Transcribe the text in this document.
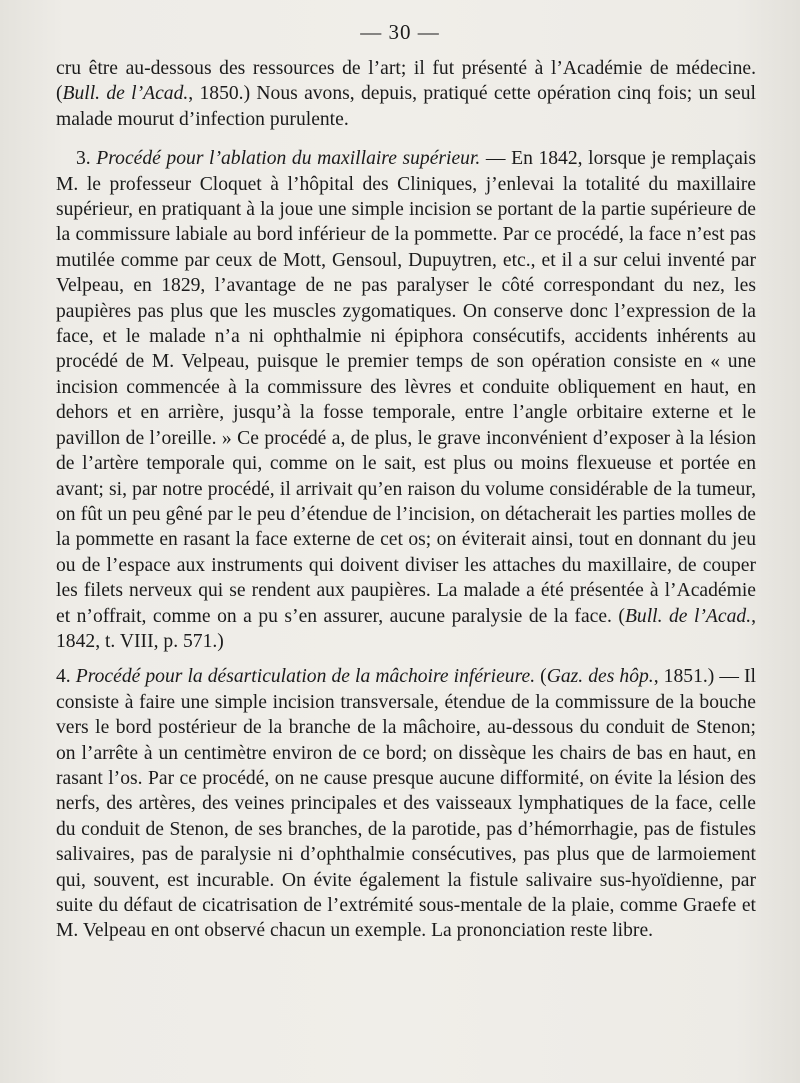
— 30 —

cru être au-dessous des ressources de l’art; il fut présenté à l’Académie de médecine. (Bull. de l’Acad., 1850.) Nous avons, depuis, pratiqué cette opération cinq fois; un seul malade mourut d’infection purulente.

3. Procédé pour l’ablation du maxillaire supérieur. — En 1842, lorsque je remplaçais M. le professeur Cloquet à l’hôpital des Cliniques, j’enlevai la totalité du maxillaire supérieur, en pratiquant à la joue une simple incision se portant de la partie supérieure de la commissure labiale au bord inférieur de la pommette. Par ce procédé, la face n’est pas mutilée comme par ceux de Mott, Gensoul, Dupuytren, etc., et il a sur celui inventé par Velpeau, en 1829, l’avantage de ne pas paralyser le côté correspondant du nez, les paupières pas plus que les muscles zygomatiques. On conserve donc l’expression de la face, et le malade n’a ni ophthalmie ni épiphora consécutifs, accidents inhérents au procédé de M. Velpeau, puisque le premier temps de son opération consiste en « une incision commencée à la commissure des lèvres et conduite obliquement en haut, en dehors et en arrière, jusqu’à la fosse temporale, entre l’angle orbitaire externe et le pavillon de l’oreille. » Ce procédé a, de plus, le grave inconvénient d’exposer à la lésion de l’artère temporale qui, comme on le sait, est plus ou moins flexueuse et portée en avant; si, par notre procédé, il arrivait qu’en raison du volume considérable de la tumeur, on fût un peu gêné par le peu d’étendue de l’incision, on détacherait les parties molles de la pommette en rasant la face externe de cet os; on éviterait ainsi, tout en donnant du jeu ou de l’espace aux instruments qui doivent diviser les attaches du maxillaire, de couper les filets nerveux qui se rendent aux paupières. La malade a été présentée à l’Académie et n’offrait, comme on a pu s’en assurer, aucune paralysie de la face. (Bull. de l’Acad., 1842, t. VIII, p. 571.)

4. Procédé pour la désarticulation de la mâchoire inférieure. (Gaz. des hôp., 1851.) — Il consiste à faire une simple incision transversale, étendue de la commissure de la bouche vers le bord postérieur de la branche de la mâchoire, au-dessous du conduit de Stenon; on l’arrête à un centimètre environ de ce bord; on dissèque les chairs de bas en haut, en rasant l’os. Par ce procédé, on ne cause presque aucune difformité, on évite la lésion des nerfs, des artères, des veines principales et des vaisseaux lymphatiques de la face, celle du conduit de Stenon, de ses branches, de la parotide, pas d’hémorrhagie, pas de fistules salivaires, pas de paralysie ni d’ophthalmie consécutives, pas plus que de larmoiement qui, souvent, est incurable. On évite également la fistule salivaire sus-hyoïdienne, par suite du défaut de cicatrisation de l’extrémité sous-mentale de la plaie, comme Graefe et M. Velpeau en ont observé chacun un exemple. La prononciation reste libre.
